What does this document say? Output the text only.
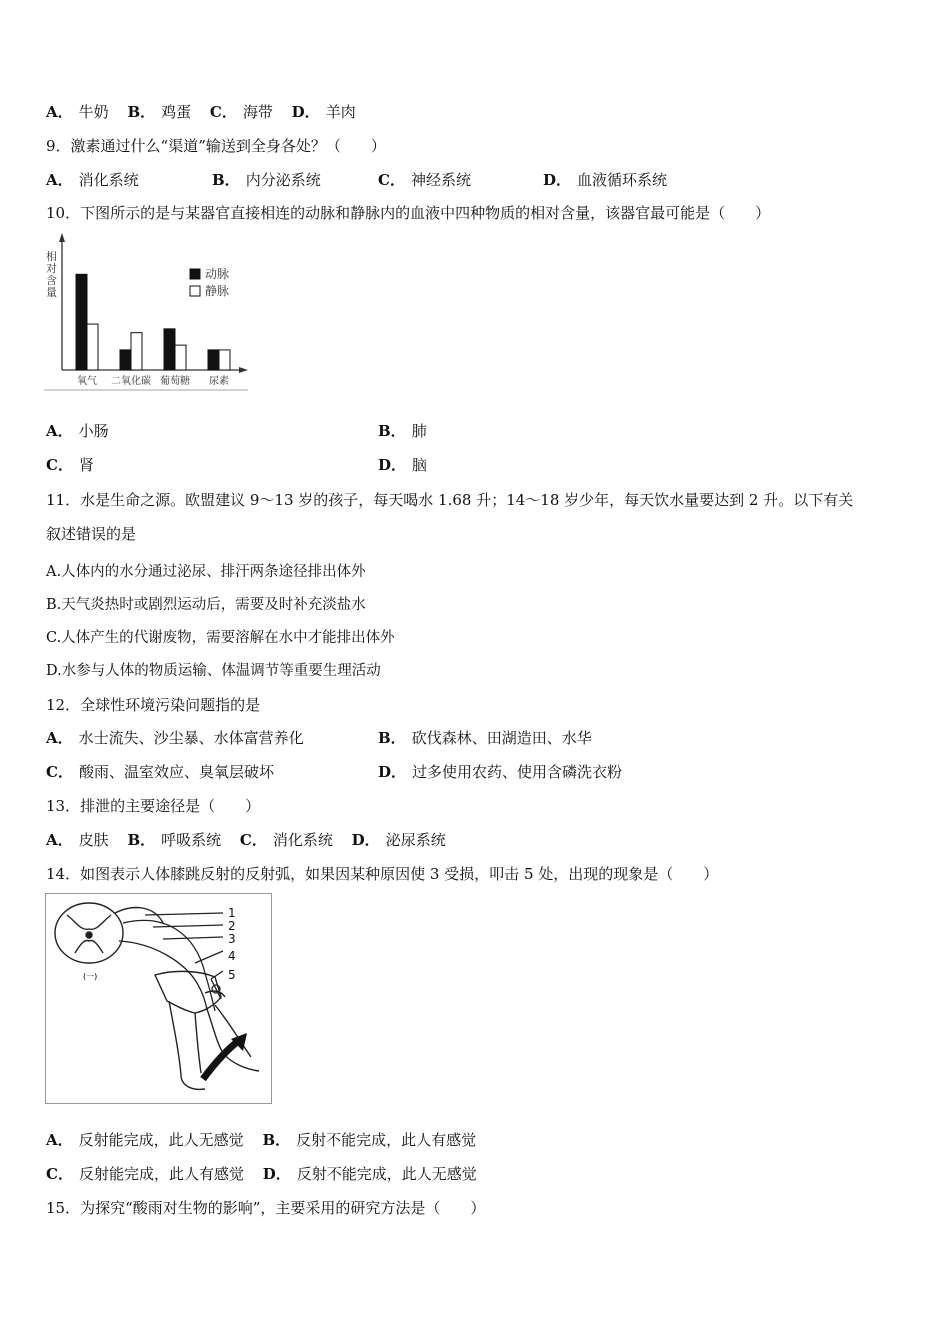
A． 牛奶 B． 鸡蛋 C． 海带 D． 羊肉
9．激素通过什么“渠道”输送到全身各处？（　　）
A． 消化系统	B． 内分泌系统	C． 神经系统	D． 血液循环系统
10．下图所示的是与某器官直接相连的动脉和静脉内的血液中四种物质的相对含量，该器官最可能是（　　）
相
对
含
量
氧气 二氧化碳 葡萄糖 尿素
动脉
静脉
A． 小肠	B． 肺
C． 肾	D． 脑
11．水是生命之源。欧盟建议 9～13 岁的孩子，每天喝水 1.68 升；14～18 岁少年，每天饮水量要达到 2 升。以下有关
叙述错误的是
A.人体内的水分通过泌尿、排汗两条途径排出体外
B.天气炎热时或剧烈运动后，需要及时补充淡盐水
C.人体产生的代谢废物，需要溶解在水中才能排出体外
D.水参与人体的物质运输、体温调节等重要生理活动
12．全球性环境污染问题指的是
A． 水士流失、沙尘暴、水体富营养化	B． 砍伐森林、田湖造田、水华
C． 酸雨、温室效应、臭氧层破坏	D． 过多使用农药、使用含磷洗衣粉
13．排泄的主要途径是（　　）
A． 皮肤 B． 呼吸系统 C． 消化系统 D． 泌尿系统
14．如图表示人体膝跳反射的反射弧，如果因某种原因使 3 受损，叩击 5 处，出现的现象是（　　）
(一)
1
2
3
4
5
A． 反射能完成，此人无感觉 B． 反射不能完成，此人有感觉
C． 反射能完成，此人有感觉 D． 反射不能完成，此人无感觉
15．为探究“酸雨对生物的影响”，主要采用的研究方法是（　　）
